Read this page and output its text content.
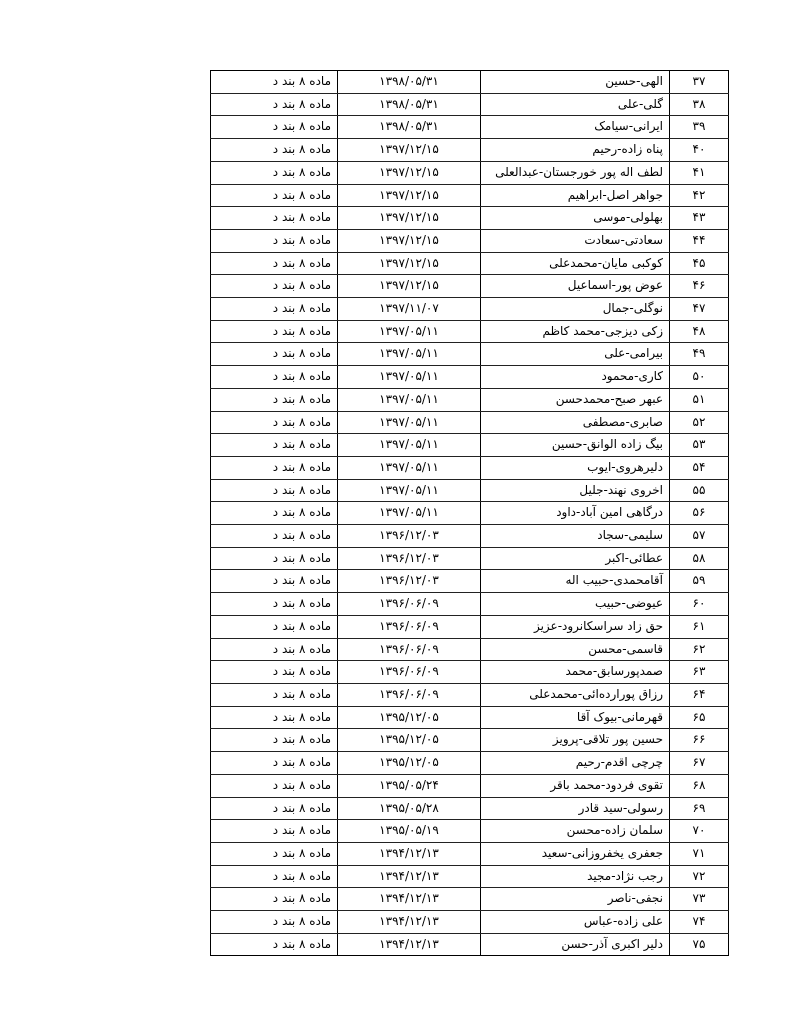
ماده ۸ بند د	۱۳۹۸/۰۵/۳۱	الهی-حسین	۳۷
ماده ۸ بند د	۱۳۹۸/۰۵/۳۱	گلی-علی	۳۸
ماده ۸ بند د	۱۳۹۸/۰۵/۳۱	ایرانی-سیامک	۳۹
ماده ۸ بند د	۱۳۹۷/۱۲/۱۵	پناه زاده-رحیم	۴۰
ماده ۸ بند د	۱۳۹۷/۱۲/۱۵	لطف اله پور خورجستان-عبدالعلی	۴۱
ماده ۸ بند د	۱۳۹۷/۱۲/۱۵	جواهر اصل-ابراهیم	۴۲
ماده ۸ بند د	۱۳۹۷/۱۲/۱۵	بهلولی-موسی	۴۳
ماده ۸ بند د	۱۳۹۷/۱۲/۱۵	سعادتی-سعادت	۴۴
ماده ۸ بند د	۱۳۹۷/۱۲/۱۵	کوکبی مایان-محمدعلی	۴۵
ماده ۸ بند د	۱۳۹۷/۱۲/۱۵	عوض پور-اسماعیل	۴۶
ماده ۸ بند د	۱۳۹۷/۱۱/۰۷	نوگلی-جمال	۴۷
ماده ۸ بند د	۱۳۹۷/۰۵/۱۱	زکی دیزجی-محمد کاظم	۴۸
ماده ۸ بند د	۱۳۹۷/۰۵/۱۱	بیرامی-علی	۴۹
ماده ۸ بند د	۱۳۹۷/۰۵/۱۱	کاری-محمود	۵۰
ماده ۸ بند د	۱۳۹۷/۰۵/۱۱	عبهر صبح-محمدحسن	۵۱
ماده ۸ بند د	۱۳۹۷/۰۵/۱۱	صابری-مصطفی	۵۲
ماده ۸ بند د	۱۳۹۷/۰۵/۱۱	بیگ زاده الوانق-حسین	۵۳
ماده ۸ بند د	۱۳۹۷/۰۵/۱۱	دلیرهروی-ایوب	۵۴
ماده ۸ بند د	۱۳۹۷/۰۵/۱۱	اخروی نهند-جلیل	۵۵
ماده ۸ بند د	۱۳۹۷/۰۵/۱۱	درگاهی امین آباد-داود	۵۶
ماده ۸ بند د	۱۳۹۶/۱۲/۰۳	سلیمی-سجاد	۵۷
ماده ۸ بند د	۱۳۹۶/۱۲/۰۳	عطائی-اکبر	۵۸
ماده ۸ بند د	۱۳۹۶/۱۲/۰۳	آقامحمدی-حبیب اله	۵۹
ماده ۸ بند د	۱۳۹۶/۰۶/۰۹	عیوضی-حبیب	۶۰
ماده ۸ بند د	۱۳۹۶/۰۶/۰۹	حق زاد سراسکانرود-عزیز	۶۱
ماده ۸ بند د	۱۳۹۶/۰۶/۰۹	قاسمی-محسن	۶۲
ماده ۸ بند د	۱۳۹۶/۰۶/۰۹	صمدپورسابق-محمد	۶۳
ماده ۸ بند د	۱۳۹۶/۰۶/۰۹	رزاق پورارده‌ائی-محمدعلی	۶۴
ماده ۸ بند د	۱۳۹۵/۱۲/۰۵	قهرمانی-بیوک آقا	۶۵
ماده ۸ بند د	۱۳۹۵/۱۲/۰۵	حسین پور تلاقی-پرویز	۶۶
ماده ۸ بند د	۱۳۹۵/۱۲/۰۵	چرچی اقدم-رحیم	۶۷
ماده ۸ بند د	۱۳۹۵/۰۵/۲۴	تقوی فردود-محمد باقر	۶۸
ماده ۸ بند د	۱۳۹۵/۰۵/۲۸	رسولی-سید قادر	۶۹
ماده ۸ بند د	۱۳۹۵/۰۵/۱۹	سلمان زاده-محسن	۷۰
ماده ۸ بند د	۱۳۹۴/۱۲/۱۳	جعفری یخفروزانی-سعید	۷۱
ماده ۸ بند د	۱۳۹۴/۱۲/۱۳	رجب نژاد-مجید	۷۲
ماده ۸ بند د	۱۳۹۴/۱۲/۱۳	نجفی-ناصر	۷۳
ماده ۸ بند د	۱۳۹۴/۱۲/۱۳	علی زاده-عباس	۷۴
ماده ۸ بند د	۱۳۹۴/۱۲/۱۳	دلیر اکبری آذر-حسن	۷۵
